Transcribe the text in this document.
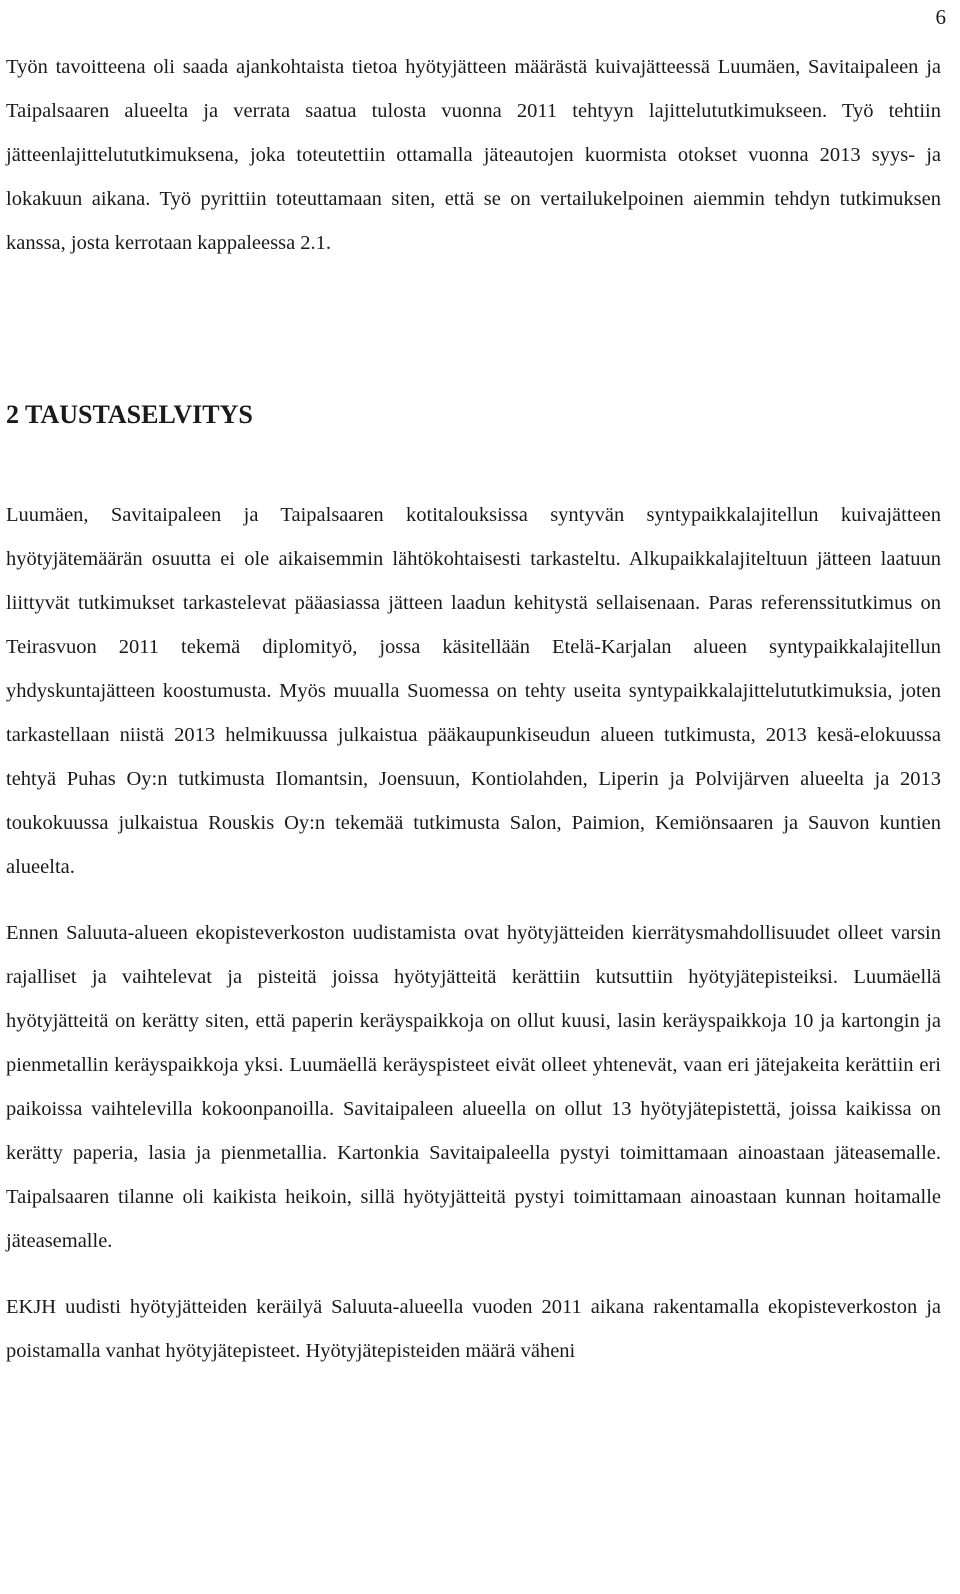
6

Työn tavoitteena oli saada ajankohtaista tietoa hyötyjätteen määrästä kuivajätteessä Luumäen, Savitaipaleen ja Taipalsaaren alueelta ja verrata saatua tulosta vuonna 2011 tehtyyn lajittelututkimukseen. Työ tehtiin jätteenlajittelututkimuksena, joka toteutettiin ottamalla jäteautojen kuormista otokset vuonna 2013 syys- ja lokakuun aikana. Työ pyrittiin toteuttamaan siten, että se on vertailukelpoinen aiemmin tehdyn tutkimuksen kanssa, josta kerrotaan kappaleessa 2.1.

2 TAUSTASELVITYS

Luumäen, Savitaipaleen ja Taipalsaaren kotitalouksissa syntyvän syntypaikkalajitellun kuivajätteen hyötyjätemäärän osuutta ei ole aikaisemmin lähtökohtaisesti tarkasteltu. Alkupaikkalajiteltuun jätteen laatuun liittyvät tutkimukset tarkastelevat pääasiassa jätteen laadun kehitystä sellaisenaan. Paras referenssitutkimus on Teirasvuon 2011 tekemä diplomityö, jossa käsitellään Etelä-Karjalan alueen syntypaikkalajitellun yhdyskuntajätteen koostumusta. Myös muualla Suomessa on tehty useita syntypaikkalajittelututkimuksia, joten tarkastellaan niistä 2013 helmikuussa julkaistua pääkaupunkiseudun alueen tutkimusta, 2013 kesä-elokuussa tehtyä Puhas Oy:n tutkimusta Ilomantsin, Joensuun, Kontiolahden, Liperin ja Polvijärven alueelta ja 2013 toukokuussa julkaistua Rouskis Oy:n tekemää tutkimusta Salon, Paimion, Kemiönsaaren ja Sauvon kuntien alueelta.

Ennen Saluuta-alueen ekopisteverkoston uudistamista ovat hyötyjätteiden kierrätysmahdollisuudet olleet varsin rajalliset ja vaihtelevat ja pisteitä joissa hyötyjätteitä kerättiin kutsuttiin hyötyjätepisteiksi. Luumäellä hyötyjätteitä on kerätty siten, että paperin keräyspaikkoja on ollut kuusi, lasin keräyspaikkoja 10 ja kartongin ja pienmetallin keräyspaikkoja yksi. Luumäellä keräyspisteet eivät olleet yhtenevät, vaan eri jätejakeita kerättiin eri paikoissa vaihtelevilla kokoonpanoilla. Savitaipaleen alueella on ollut 13 hyötyjätepistettä, joissa kaikissa on kerätty paperia, lasia ja pienmetallia. Kartonkia Savitaipaleella pystyi toimittamaan ainoastaan jäteasemalle. Taipalsaaren tilanne oli kaikista heikoin, sillä hyötyjätteitä pystyi toimittamaan ainoastaan kunnan hoitamalle jäteasemalle.

EKJH uudisti hyötyjätteiden keräilyä Saluuta-alueella vuoden 2011 aikana rakentamalla ekopisteverkoston ja poistamalla vanhat hyötyjätepisteet. Hyötyjätepisteiden määrä väheni
